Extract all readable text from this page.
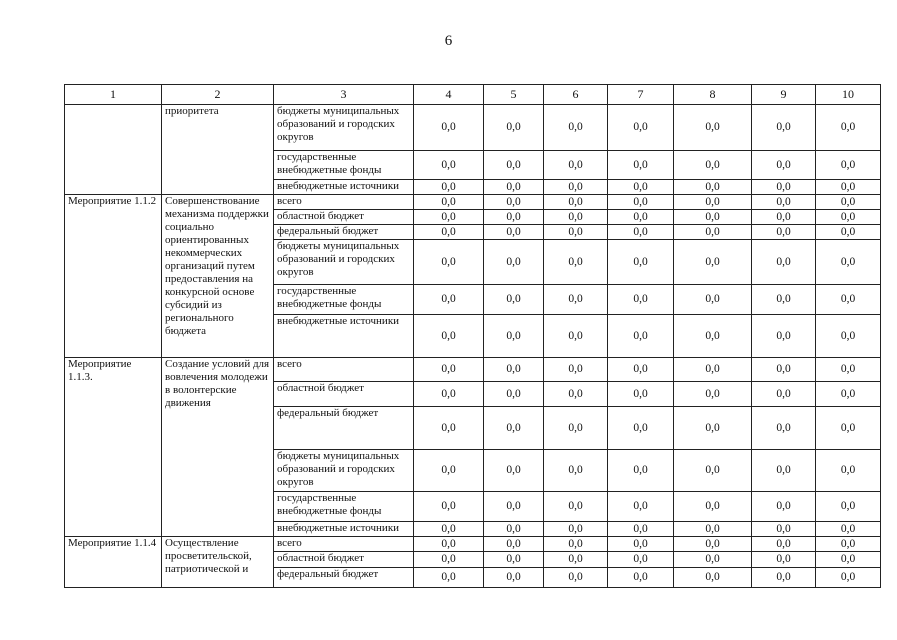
6
1	2	3	4	5	6	7	8	9	10
	приоритета	бюджеты муниципальных образований и городских округов	0,0	0,0	0,0	0,0	0,0	0,0	0,0
		государственные внебюджетные фонды	0,0	0,0	0,0	0,0	0,0	0,0	0,0
		внебюджетные источники	0,0	0,0	0,0	0,0	0,0	0,0	0,0
Мероприятие 1.1.2	Совершенствование механизма поддержки социально ориентированных некоммерческих организаций путем предоставления на конкурсной основе субсидий из регионального бюджета	всего	0,0	0,0	0,0	0,0	0,0	0,0	0,0
		областной бюджет	0,0	0,0	0,0	0,0	0,0	0,0	0,0
		федеральный бюджет	0,0	0,0	0,0	0,0	0,0	0,0	0,0
		бюджеты муниципальных образований и городских округов	0,0	0,0	0,0	0,0	0,0	0,0	0,0
		государственные внебюджетные фонды	0,0	0,0	0,0	0,0	0,0	0,0	0,0
		внебюджетные источники	0,0	0,0	0,0	0,0	0,0	0,0	0,0
Мероприятие 1.1.3.	Создание условий для вовлечения молодежи в волонтерские движения	всего	0,0	0,0	0,0	0,0	0,0	0,0	0,0
		областной бюджет	0,0	0,0	0,0	0,0	0,0	0,0	0,0
		федеральный бюджет	0,0	0,0	0,0	0,0	0,0	0,0	0,0
		бюджеты муниципальных образований и городских округов	0,0	0,0	0,0	0,0	0,0	0,0	0,0
		государственные внебюджетные фонды	0,0	0,0	0,0	0,0	0,0	0,0	0,0
		внебюджетные источники	0,0	0,0	0,0	0,0	0,0	0,0	0,0
Мероприятие 1.1.4	Осуществление просветительской, патриотической и	всего	0,0	0,0	0,0	0,0	0,0	0,0	0,0
		областной бюджет	0,0	0,0	0,0	0,0	0,0	0,0	0,0
		федеральный бюджет	0,0	0,0	0,0	0,0	0,0	0,0	0,0
